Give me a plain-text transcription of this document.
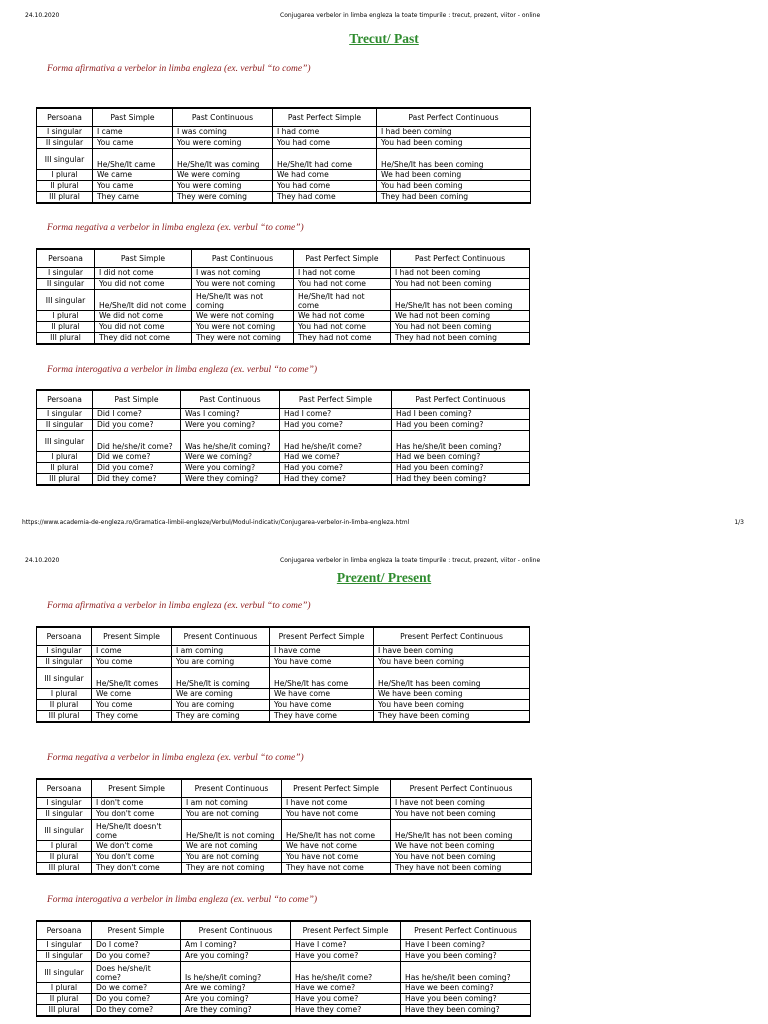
24.10.2020	Conjugarea verbelor in limba engleza la toate timpurile : trecut, prezent, viitor - online
Trecut/ Past

Forma afirmativa a verbelor in limba engleza (ex. verbul “to come”)

Persoana	Past Simple	Past Continuous	Past Perfect Simple	Past Perfect Continuous
I singular	I came	I was coming	I had come	I had been coming
II singular	You came	You were coming	You had come	You had been coming
III singular	He/She/It came	He/She/It was coming	He/She/It had come	He/She/It has been coming
I plural	We came	We were coming	We had come	We had been coming
II plural	You came	You were coming	You had come	You had been coming
III plural	They came	They were coming	They had come	They had been coming

Forma negativa a verbelor in limba engleza (ex. verbul “to come”)

Persoana	Past Simple	Past Continuous	Past Perfect Simple	Past Perfect Continuous
I singular	I did not come	I was not coming	I had not come	I had not been coming
II singular	You did not come	You were not coming	You had not come	You had not been coming
III singular	He/She/It did not come	He/She/It was not coming	He/She/It had not come	He/She/It has not been coming
I plural	We did not come	We were not coming	We had not come	We had not been coming
II plural	You did not come	You were not coming	You had not come	You had not been coming
III plural	They did not come	They were not coming	They had not come	They had not been coming

Forma interogativa a verbelor in limba engleza (ex. verbul “to come”)

Persoana	Past Simple	Past Continuous	Past Perfect Simple	Past Perfect Continuous
I singular	Did I come?	Was I coming?	Had I come?	Had I been coming?
II singular	Did you come?	Were you coming?	Had you come?	Had you been coming?
III singular	Did he/she/it come?	Was he/she/it coming?	Had he/she/it come?	Has he/she/it been coming?
I plural	Did we come?	Were we coming?	Had we come?	Had we been coming?
II plural	Did you come?	Were you coming?	Had you come?	Had you been coming?
III plural	Did they come?	Were they coming?	Had they come?	Had they been coming?
https://www.academia-de-engleza.ro/Gramatica-limbii-engleze/Verbul/Modul-indicativ/Conjugarea-verbelor-in-limba-engleza.html	1/3
24.10.2020	Conjugarea verbelor in limba engleza la toate timpurile : trecut, prezent, viitor - online
Prezent/ Present

Forma afirmativa a verbelor in limba engleza (ex. verbul “to come”)

Persoana	Present Simple	Present Continuous	Present Perfect Simple	Present Perfect Continuous
I singular	I come	I am coming	I have come	I have been coming
II singular	You come	You are coming	You have come	You have been coming
III singular	He/She/It comes	He/She/It is coming	He/She/It has come	He/She/It has been coming
I plural	We come	We are coming	We have come	We have been coming
II plural	You come	You are coming	You have come	You have been coming
III plural	They come	They are coming	They have come	They have been coming

Forma negativa a verbelor in limba engleza (ex. verbul “to come”)

Persoana	Present Simple	Present Continuous	Present Perfect Simple	Present Perfect Continuous
I singular	I don't come	I am not coming	I have not come	I have not been coming
II singular	You don't come	You are not coming	You have not come	You have not been coming
III singular	He/She/It doesn't come	He/She/It is not coming	He/She/It has not come	He/She/It has not been coming
I plural	We don't come	We are not coming	We have not come	We have not been coming
II plural	You don't come	You are not coming	You have not come	You have not been coming
III plural	They don't come	They are not coming	They have not come	They have not been coming

Forma interogativa a verbelor in limba engleza (ex. verbul “to come”)

Persoana	Present Simple	Present Continuous	Present Perfect Simple	Present Perfect Continuous
I singular	Do I come?	Am I coming?	Have I come?	Have I been coming?
II singular	Do you come?	Are you coming?	Have you come?	Have you been coming?
III singular	Does he/she/it come?	Is he/she/it coming?	Has he/she/it come?	Has he/she/it been coming?
I plural	Do we come?	Are we coming?	Have we come?	Have we been coming?
II plural	Do you come?	Are you coming?	Have you come?	Have you been coming?
III plural	Do they come?	Are they coming?	Have they come?	Have they been coming?
